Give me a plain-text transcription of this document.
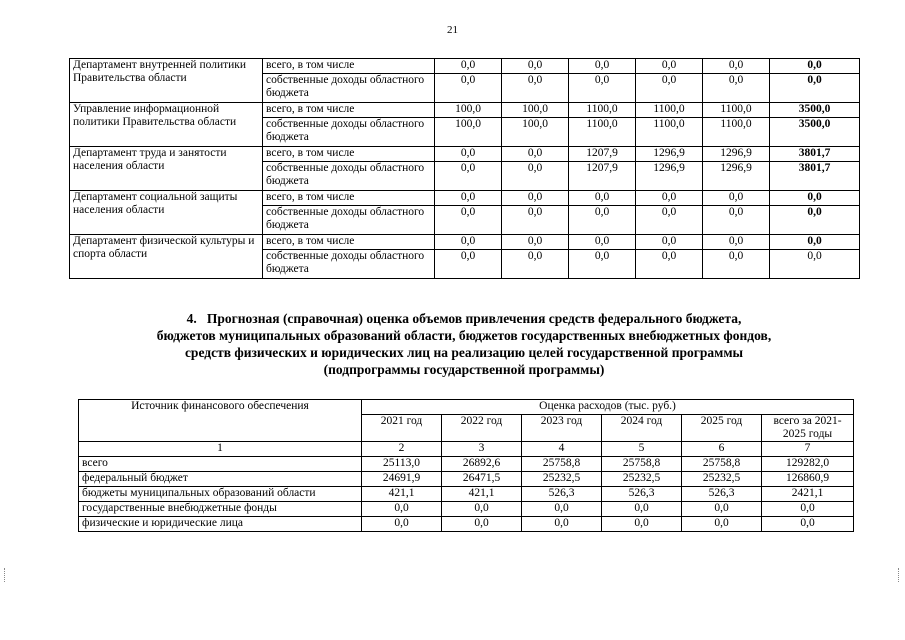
21
Департамент внутренней политики Правительства области	всего, в том числе	0,0	0,0	0,0	0,0	0,0	0,0
	собственные доходы областного бюджета	0,0	0,0	0,0	0,0	0,0	0,0
Управление информационной политики Правительства области	всего, в том числе	100,0	100,0	1100,0	1100,0	1100,0	3500,0
	собственные доходы областного бюджета	100,0	100,0	1100,0	1100,0	1100,0	3500,0
Департамент труда и занятости населения области	всего, в том числе	0,0	0,0	1207,9	1296,9	1296,9	3801,7
	собственные доходы областного бюджета	0,0	0,0	1207,9	1296,9	1296,9	3801,7
Департамент социальной защиты населения области	всего, в том числе	0,0	0,0	0,0	0,0	0,0	0,0
	собственные доходы областного бюджета	0,0	0,0	0,0	0,0	0,0	0,0
Департамент физической культуры и спорта области	всего, в том числе	0,0	0,0	0,0	0,0	0,0	0,0
	собственные доходы областного бюджета	0,0	0,0	0,0	0,0	0,0	0,0
4. Прогнозная (справочная) оценка объемов привлечения средств федерального бюджета,
бюджетов муниципальных образований области, бюджетов государственных внебюджетных фондов,
средств физических и юридических лиц на реализацию целей государственной программы
(подпрограммы государственной программы)
Источник финансового обеспечения	Оценка расходов (тыс. руб.)					
	2021 год	2022 год	2023 год	2024 год	2025 год	всего за 2021-2025 годы
1	2	3	4	5	6	7
всего	25113,0	26892,6	25758,8	25758,8	25758,8	129282,0
федеральный бюджет	24691,9	26471,5	25232,5	25232,5	25232,5	126860,9
бюджеты муниципальных образований области	421,1	421,1	526,3	526,3	526,3	2421,1
государственные внебюджетные фонды	0,0	0,0	0,0	0,0	0,0	0,0
физические и юридические лица	0,0	0,0	0,0	0,0	0,0	0,0
